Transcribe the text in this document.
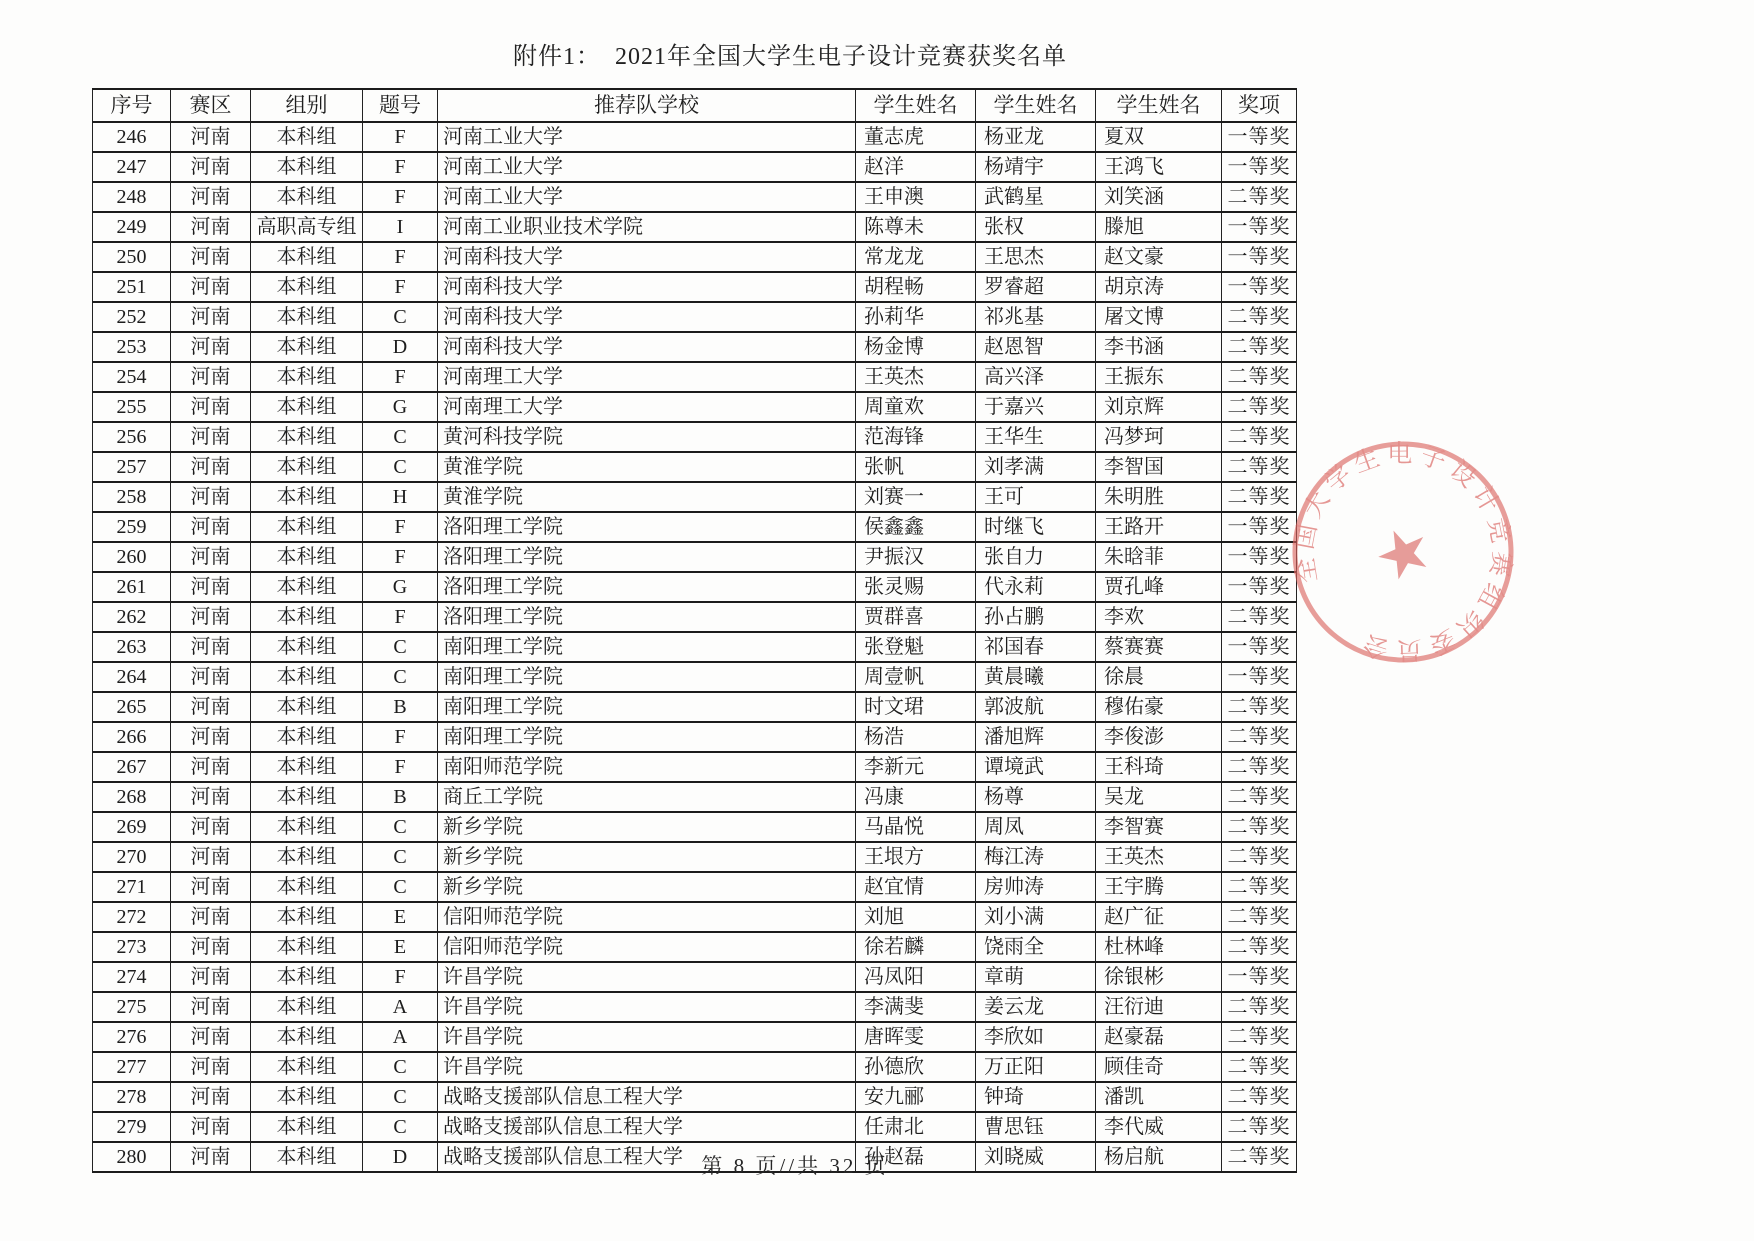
附件1：  2021年全国大学生电子设计竞赛获奖名单
序号	赛区	组别	题号	推荐队学校	学生姓名	学生姓名	学生姓名	奖项
246	河南	本科组	F	河南工业大学	董志虎	杨亚龙	夏双	一等奖
247	河南	本科组	F	河南工业大学	赵洋	杨靖宇	王鸿飞	一等奖
248	河南	本科组	F	河南工业大学	王申澳	武鹤星	刘笑涵	二等奖
249	河南	高职高专组	I	河南工业职业技术学院	陈尊未	张权	滕旭	一等奖
250	河南	本科组	F	河南科技大学	常龙龙	王思杰	赵文豪	一等奖
251	河南	本科组	F	河南科技大学	胡程畅	罗睿超	胡京涛	一等奖
252	河南	本科组	C	河南科技大学	孙莉华	祁兆基	屠文博	二等奖
253	河南	本科组	D	河南科技大学	杨金博	赵恩智	李书涵	二等奖
254	河南	本科组	F	河南理工大学	王英杰	高兴泽	王振东	二等奖
255	河南	本科组	G	河南理工大学	周童欢	于嘉兴	刘京辉	二等奖
256	河南	本科组	C	黄河科技学院	范海锋	王华生	冯梦珂	二等奖
257	河南	本科组	C	黄淮学院	张帆	刘孝满	李智国	二等奖
258	河南	本科组	H	黄淮学院	刘赛一	王可	朱明胜	二等奖
259	河南	本科组	F	洛阳理工学院	侯鑫鑫	时继飞	王路开	一等奖
260	河南	本科组	F	洛阳理工学院	尹振汉	张自力	朱晗菲	一等奖
261	河南	本科组	G	洛阳理工学院	张灵赐	代永莉	贾孔峰	一等奖
262	河南	本科组	F	洛阳理工学院	贾群喜	孙占鹏	李欢	二等奖
263	河南	本科组	C	南阳理工学院	张登魁	祁国春	蔡赛赛	一等奖
264	河南	本科组	C	南阳理工学院	周壹帆	黄晨曦	徐晨	一等奖
265	河南	本科组	B	南阳理工学院	时文珺	郭波航	穆佑豪	二等奖
266	河南	本科组	F	南阳理工学院	杨浩	潘旭辉	李俊澎	二等奖
267	河南	本科组	F	南阳师范学院	李新元	谭境武	王科琦	二等奖
268	河南	本科组	B	商丘工学院	冯康	杨尊	吴龙	二等奖
269	河南	本科组	C	新乡学院	马晶悦	周凤	李智赛	二等奖
270	河南	本科组	C	新乡学院	王垠方	梅江涛	王英杰	二等奖
271	河南	本科组	C	新乡学院	赵宜情	房帅涛	王宇腾	二等奖
272	河南	本科组	E	信阳师范学院	刘旭	刘小满	赵广征	二等奖
273	河南	本科组	E	信阳师范学院	徐若麟	饶雨全	杜林峰	二等奖
274	河南	本科组	F	许昌学院	冯凤阳	章萌	徐银彬	一等奖
275	河南	本科组	A	许昌学院	李满斐	姜云龙	汪衍迪	二等奖
276	河南	本科组	A	许昌学院	唐晖雯	李欣如	赵豪磊	二等奖
277	河南	本科组	C	许昌学院	孙德欣	万正阳	顾佳奇	二等奖
278	河南	本科组	C	战略支援部队信息工程大学	安九郦	钟琦	潘凯	二等奖
279	河南	本科组	C	战略支援部队信息工程大学	任肃北	曹思钰	李代威	二等奖
280	河南	本科组	D	战略支援部队信息工程大学	孙赵磊	刘晓威	杨启航	二等奖
全国大学生电子设计竞赛组织委员会
★
第 8 页//共 32 页
